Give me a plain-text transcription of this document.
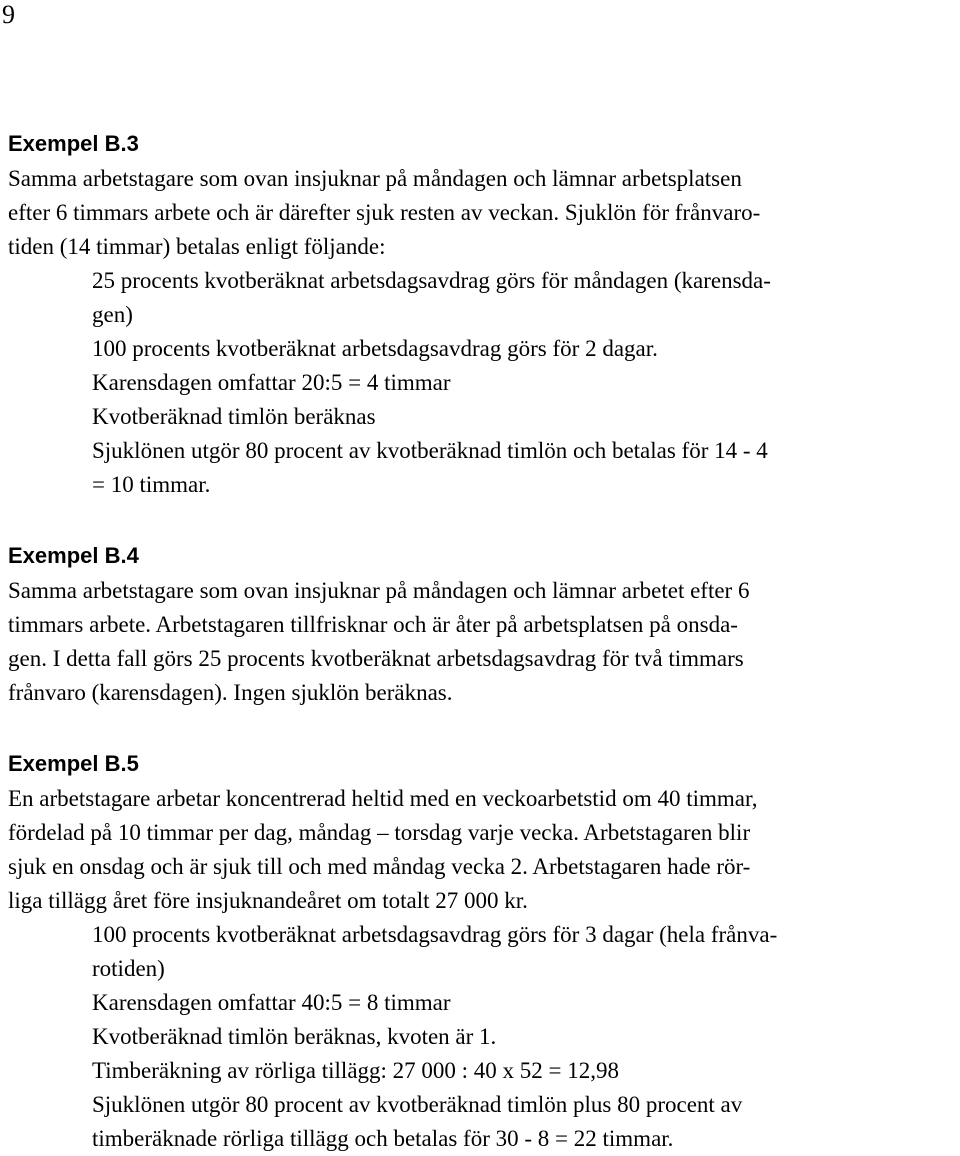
9
Exempel B.3
Samma arbetstagare som ovan insjuknar på måndagen och lämnar arbetsplatsen
efter 6 timmars arbete och är därefter sjuk resten av veckan. Sjuklön för frånvaro-
tiden (14 timmar) betalas enligt följande:
25 procents kvotberäknat arbetsdagsavdrag görs för måndagen (karensda-
gen)
100 procents kvotberäknat arbetsdagsavdrag görs för 2 dagar.
Karensdagen omfattar 20:5 = 4 timmar
Kvotberäknad timlön beräknas
Sjuklönen utgör 80 procent av kvotberäknad timlön och betalas för 14 - 4
= 10 timmar.
Exempel B.4
Samma arbetstagare som ovan insjuknar på måndagen och lämnar arbetet efter 6
timmars arbete. Arbetstagaren tillfrisknar och är åter på arbetsplatsen på onsda-
gen. I detta fall görs 25 procents kvotberäknat arbetsdagsavdrag för två timmars
frånvaro (karensdagen). Ingen sjuklön beräknas.
Exempel B.5
En arbetstagare arbetar koncentrerad heltid med en veckoarbetstid om 40 timmar,
fördelad på 10 timmar per dag, måndag – torsdag varje vecka. Arbetstagaren blir
sjuk en onsdag och är sjuk till och med måndag vecka 2. Arbetstagaren hade rör-
liga tillägg året före insjuknandeåret om totalt 27 000 kr.
100 procents kvotberäknat arbetsdagsavdrag görs för 3 dagar (hela frånva-
rotiden)
Karensdagen omfattar 40:5 = 8 timmar
Kvotberäknad timlön beräknas, kvoten är 1.
Timberäkning av rörliga tillägg: 27 000 : 40 x 52 = 12,98
Sjuklönen utgör 80 procent av kvotberäknad timlön plus 80 procent av
timberäknade rörliga tillägg och betalas för 30 - 8 = 22 timmar.
